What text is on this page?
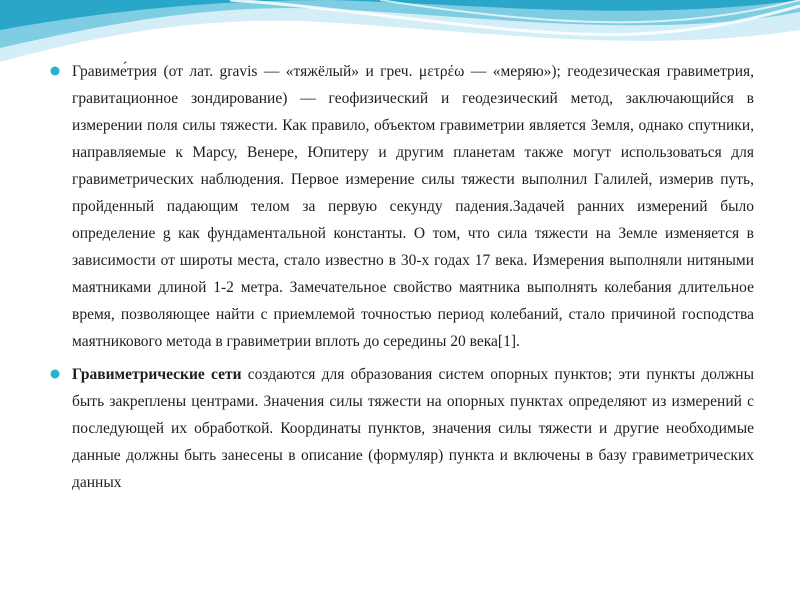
Гравиме́трия (от лат. gravis — «тяжёлый» и греч. μετρέω — «меряю»); геодезическая гравиметрия, гравитационное зондирование) — геофизический и геодезический метод, заключающийся в измерении поля силы тяжести. Как правило, объектом гравиметрии является Земля, однако спутники, направляемые к Марсу, Венере, Юпитеру и другим планетам также могут использоваться для гравиметрических наблюдения. Первое измерение силы тяжести выполнил Галилей, измерив путь, пройденный падающим телом за первую секунду падения.Задачей ранних измерений было определение g как фундаментальной константы. О том, что сила тяжести на Земле изменяется в зависимости от широты места, стало известно в 30-х годах 17 века. Измерения выполняли нитяными маятниками длиной 1-2 метра. Замечательное свойство маятника выполнять колебания длительное время, позволяющее найти с приемлемой точностью период колебаний, стало причиной господства маятникового метода в гравиметрии вплоть до середины 20 века[1].

Гравиметрические сети создаются для образования систем опорных пунктов; эти пункты должны быть закреплены центрами. Значения силы тяжести на опорных пунктах определяют из измерений с последующей их обработкой. Координаты пунктов, значения силы тяжести и другие необходимые данные должны быть занесены в описание (формуляр) пункта и включены в базу гравиметрических данных
